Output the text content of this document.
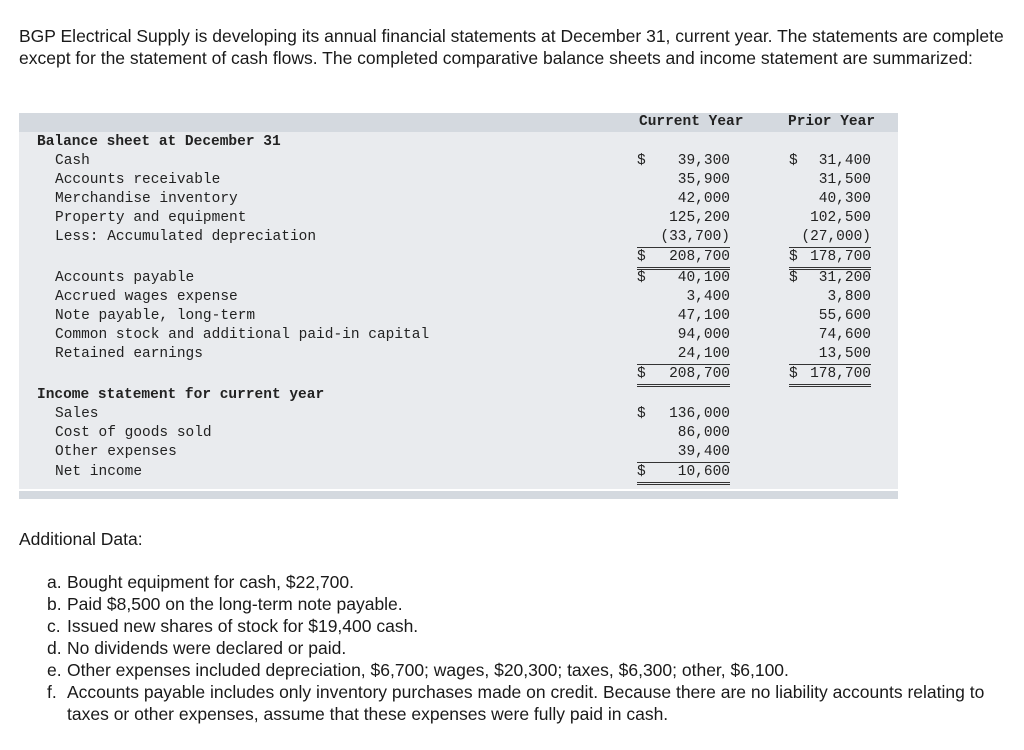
BGP Electrical Supply is developing its annual financial statements at December 31, current year. The statements are complete except for the statement of cash flows. The completed comparative balance sheets and income statement are summarized:

Current Year	Prior Year
Balance sheet at December 31
Cash	$ 39,300	$ 31,400
Accounts receivable	35,900	31,500
Merchandise inventory	42,000	40,300
Property and equipment	125,200	102,500
Less: Accumulated depreciation	(33,700)	(27,000)
$ 208,700	$ 178,700
Accounts payable	$ 40,100	$ 31,200
Accrued wages expense	3,400	3,800
Note payable, long-term	47,100	55,600
Common stock and additional paid-in capital	94,000	74,600
Retained earnings	24,100	13,500
$ 208,700	$ 178,700
Income statement for current year
Sales	$ 136,000
Cost of goods sold	86,000
Other expenses	39,400
Net income	$ 10,600

Additional Data:

a. Bought equipment for cash, $22,700.
b. Paid $8,500 on the long-term note payable.
c. Issued new shares of stock for $19,400 cash.
d. No dividends were declared or paid.
e. Other expenses included depreciation, $6,700; wages, $20,300; taxes, $6,300; other, $6,100.
f. Accounts payable includes only inventory purchases made on credit. Because there are no liability accounts relating to taxes or other expenses, assume that these expenses were fully paid in cash.
